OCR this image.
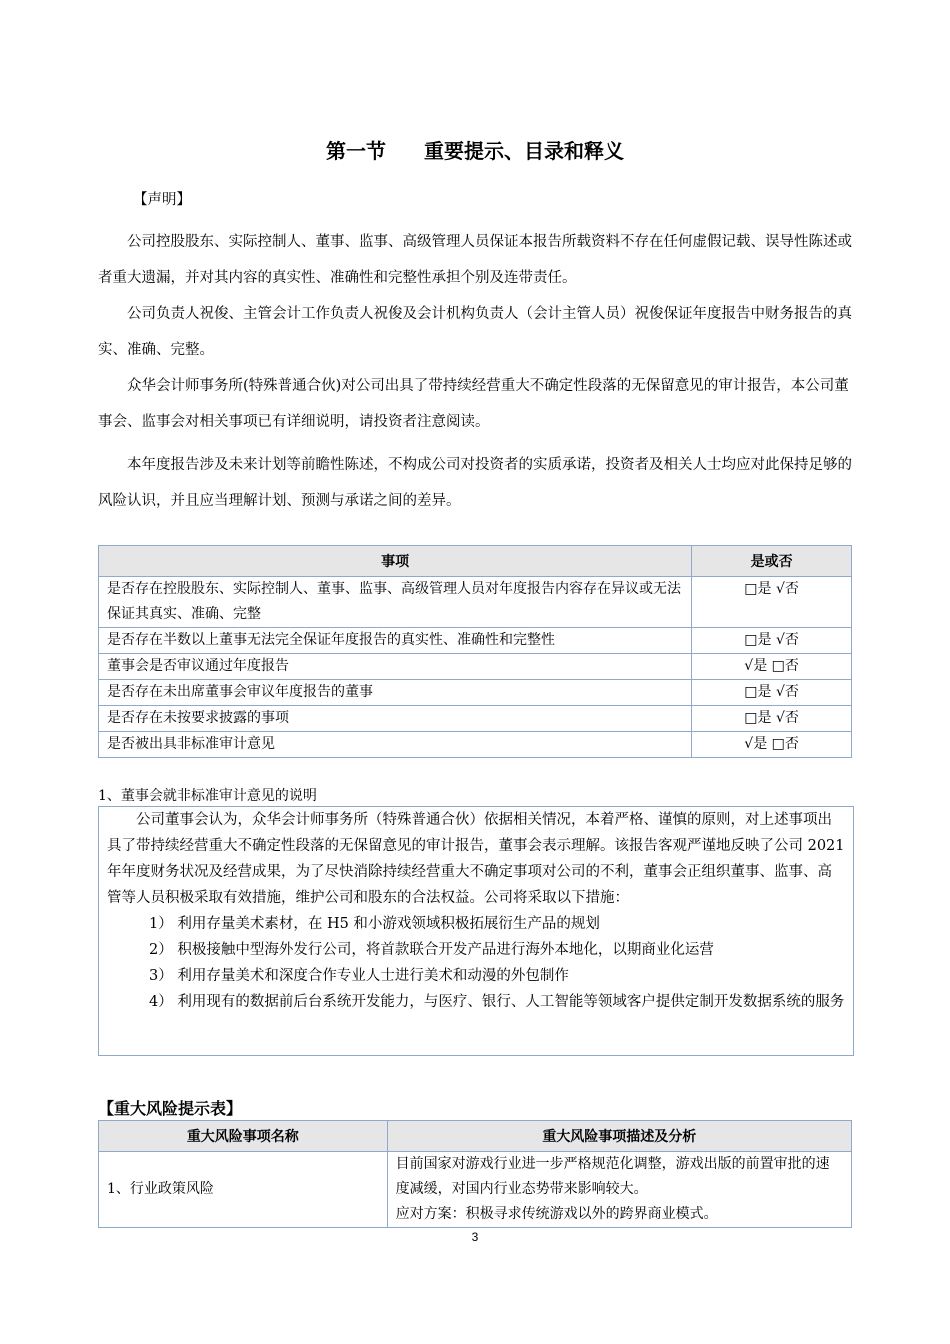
第一节 重要提示、目录和释义
【声明】

公司控股股东、实际控制人、董事、监事、高级管理人员保证本报告所载资料不存在任何虚假记载、误导性陈述或者重大遗漏，并对其内容的真实性、准确性和完整性承担个别及连带责任。

公司负责人祝俊、主管会计工作负责人祝俊及会计机构负责人（会计主管人员）祝俊保证年度报告中财务报告的真实、准确、完整。

众华会计师事务所(特殊普通合伙)对公司出具了带持续经营重大不确定性段落的无保留意见的审计报告，本公司董事会、监事会对相关事项已有详细说明，请投资者注意阅读。

本年度报告涉及未来计划等前瞻性陈述，不构成公司对投资者的实质承诺，投资者及相关人士均应对此保持足够的风险认识，并且应当理解计划、预测与承诺之间的差异。

事项	是或否
是否存在控股股东、实际控制人、董事、监事、高级管理人员对年度报告内容存在异议或无法保证其真实、准确、完整	□是 √否
是否存在半数以上董事无法完全保证年度报告的真实性、准确性和完整性	□是 √否
董事会是否审议通过年度报告	√是 □否
是否存在未出席董事会审议年度报告的董事	□是 √否
是否存在未按要求披露的事项	□是 √否
是否被出具非标准审计意见	√是 □否
1、董事会就非标准审计意见的说明

公司董事会认为，众华会计师事务所（特殊普通合伙）依据相关情况，本着严格、谨慎的原则，对上述事项出具了带持续经营重大不确定性段落的无保留意见的审计报告，董事会表示理解。该报告客观严谨地反映了公司 2021 年年度财务状况及经营成果，为了尽快消除持续经营重大不确定事项对公司的不利，董事会正组织董事、监事、高管等人员积极采取有效措施，维护公司和股东的合法权益。公司将采取以下措施：

1） 利用存量美术素材，在 H5 和小游戏领域积极拓展衍生产品的规划

2） 积极接触中型海外发行公司，将首款联合开发产品进行海外本地化，以期商业化运营

3） 利用存量美术和深度合作专业人士进行美术和动漫的外包制作

4） 利用现有的数据前后台系统开发能力，与医疗、银行、人工智能等领域客户提供定制开发数据系统的服务

【重大风险提示表】
重大风险事项名称	重大风险事项描述及分析
1、行业政策风险	目前国家对游戏行业进一步严格规范化调整，游戏出版的前置审批的速度减缓，对国内行业态势带来影响较大。
应对方案：积极寻求传统游戏以外的跨界商业模式。
3
